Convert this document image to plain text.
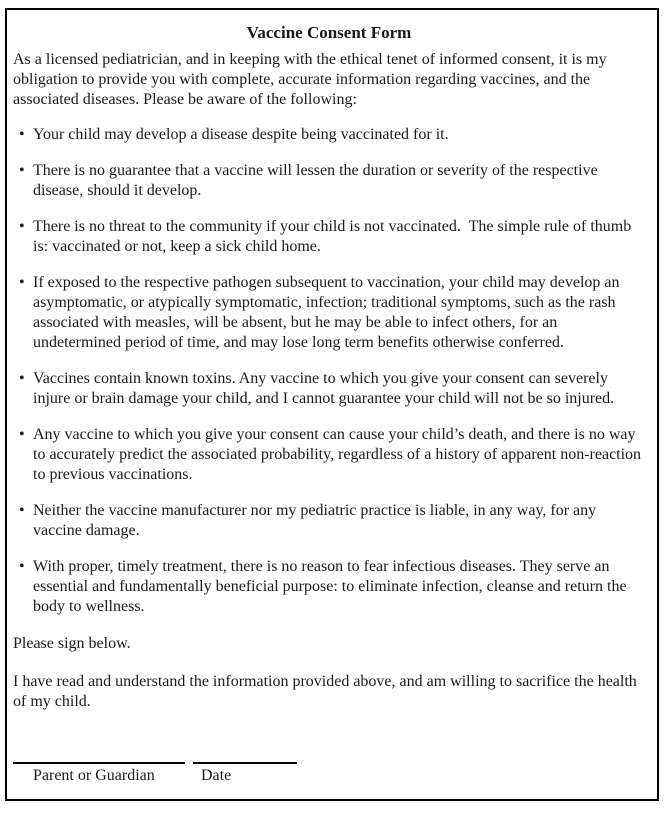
Vaccine Consent Form

As a licensed pediatrician, and in keeping with the ethical tenet of informed consent, it is my obligation to provide you with complete, accurate information regarding vaccines, and the associated diseases. Please be aware of the following:

• Your child may develop a disease despite being vaccinated for it.
• There is no guarantee that a vaccine will lessen the duration or severity of the respective disease, should it develop.
• There is no threat to the community if your child is not vaccinated.  The simple rule of thumb is: vaccinated or not, keep a sick child home.
• If exposed to the respective pathogen subsequent to vaccination, your child may develop an asymptomatic, or atypically symptomatic, infection; traditional symptoms, such as the rash associated with measles, will be absent, but he may be able to infect others, for an undetermined period of time, and may lose long term benefits otherwise conferred.
• Vaccines contain known toxins. Any vaccine to which you give your consent can severely injure or brain damage your child, and I cannot guarantee your child will not be so injured.
• Any vaccine to which you give your consent can cause your child’s death, and there is no way to accurately predict the associated probability, regardless of a history of apparent non-reaction to previous vaccinations.
• Neither the vaccine manufacturer nor my pediatric practice is liable, in any way, for any vaccine damage.
• With proper, timely treatment, there is no reason to fear infectious diseases. They serve an essential and fundamentally beneficial purpose: to eliminate infection, cleanse and return the body to wellness.

Please sign below.

I have read and understand the information provided above, and am willing to sacrifice the health of my child.

Parent or Guardian	Date
